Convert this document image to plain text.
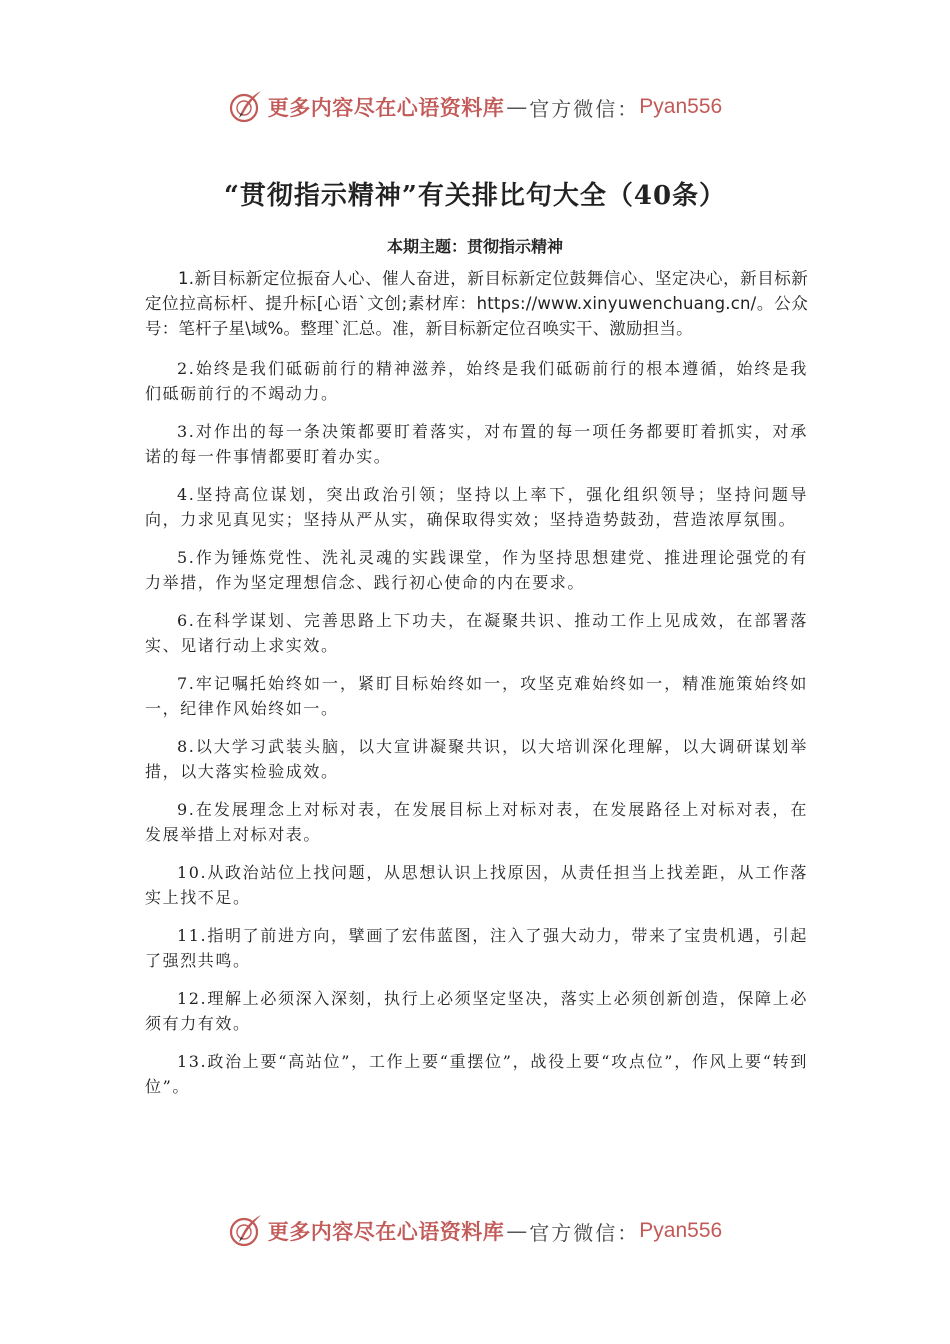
更多内容尽在心语资料库 — 官方微信： Pyan556
“贯彻指示精神”有关排比句大全（40条）
本期主题：贯彻指示精神

1.新目标新定位振奋人心、催人奋进，新目标新定位鼓舞信心、坚定决心，新目标新定位拉高标杆、提升标[心语`文创;素材库：https://www.xinyuwenchuang.cn/。公众号：笔杆子星\域%。整理`汇总。准，新目标新定位召唤实干、激励担当。

2.始终是我们砥砺前行的精神滋养，始终是我们砥砺前行的根本遵循，始终是我们砥砺前行的不竭动力。

3.对作出的每一条决策都要盯着落实，对布置的每一项任务都要盯着抓实，对承诺的每一件事情都要盯着办实。

4.坚持高位谋划，突出政治引领；坚持以上率下，强化组织领导；坚持问题导向，力求见真见实；坚持从严从实，确保取得实效；坚持造势鼓劲，营造浓厚氛围。

5.作为锤炼党性、洗礼灵魂的实践课堂，作为坚持思想建党、推进理论强党的有力举措，作为坚定理想信念、践行初心使命的内在要求。

6.在科学谋划、完善思路上下功夫，在凝聚共识、推动工作上见成效，在部署落实、见诸行动上求实效。

7.牢记嘱托始终如一，紧盯目标始终如一，攻坚克难始终如一，精准施策始终如一，纪律作风始终如一。

8.以大学习武装头脑，以大宣讲凝聚共识，以大培训深化理解，以大调研谋划举措，以大落实检验成效。

9.在发展理念上对标对表，在发展目标上对标对表，在发展路径上对标对表，在发展举措上对标对表。

10.从政治站位上找问题，从思想认识上找原因，从责任担当上找差距，从工作落实上找不足。

11.指明了前进方向，擘画了宏伟蓝图，注入了强大动力，带来了宝贵机遇，引起了强烈共鸣。

12.理解上必须深入深刻，执行上必须坚定坚决，落实上必须创新创造，保障上必须有力有效。

13.政治上要“高站位”，工作上要“重摆位”，战役上要“攻点位”，作风上要“转到位”。

更多内容尽在心语资料库 — 官方微信： Pyan556
